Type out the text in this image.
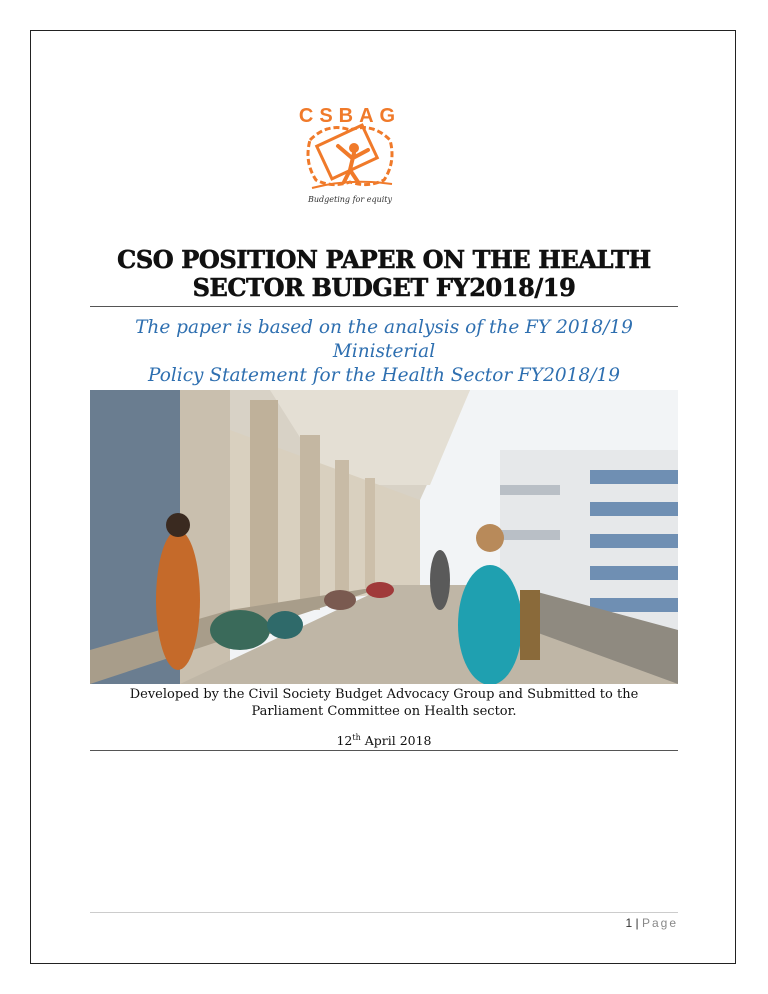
CSBAG
Budgeting for equity
CSO POSITION PAPER ON THE HEALTH
SECTOR BUDGET FY2018/19
The paper is based on the analysis of the FY 2018/19 Ministerial
Policy Statement for the Health Sector FY2018/19
Developed by the Civil Society Budget Advocacy Group and Submitted to the
Parliament Committee on Health sector.
12th April 2018
1 | Page
